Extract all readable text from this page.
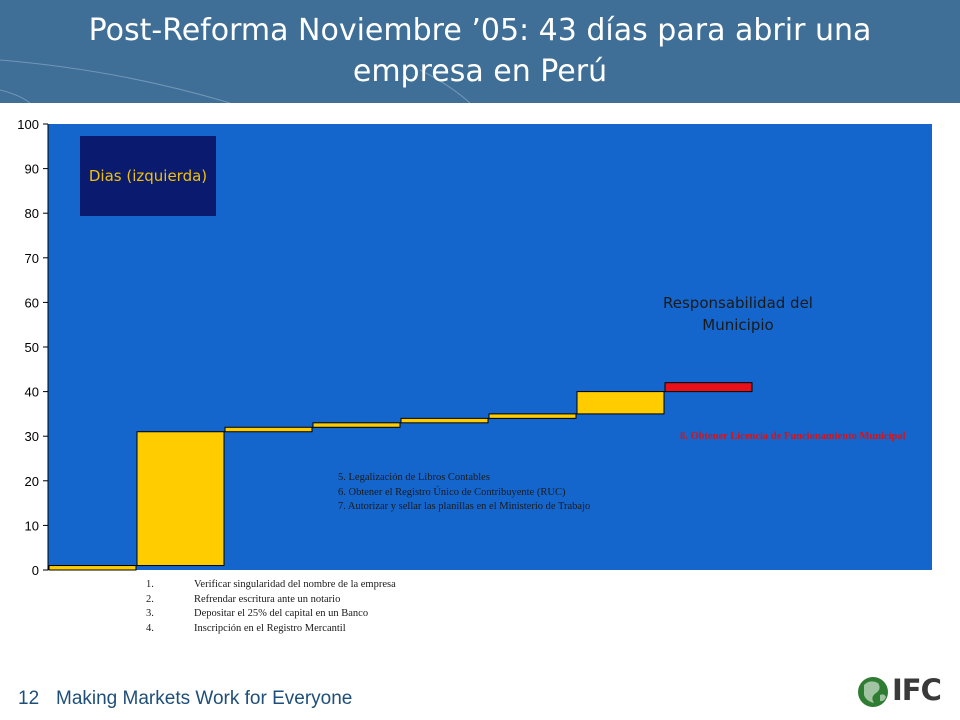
Post-Reforma Noviembre ’05: 43 días para abrir una empresa en Perú
0
10
20
30
40
50
60
70
80
90
100
Dias (izquierda)
Responsabilidad del Municipio
8. Obtener Licencia de Funcionamiento Municipal
5. Legalización de Libros Contables
6. Obtener el Registro Único de Contribuyente (RUC)
7. Autorizar y sellar las planillas en el Ministerio de Trabajo
1.	Verificar singularidad del nombre de la empresa
2.	Refrendar escritura ante un notario
3.	Depositar el 25% del capital en un Banco
4.	Inscripción en el Registro Mercantil
12 Making Markets Work for Everyone	IFC
